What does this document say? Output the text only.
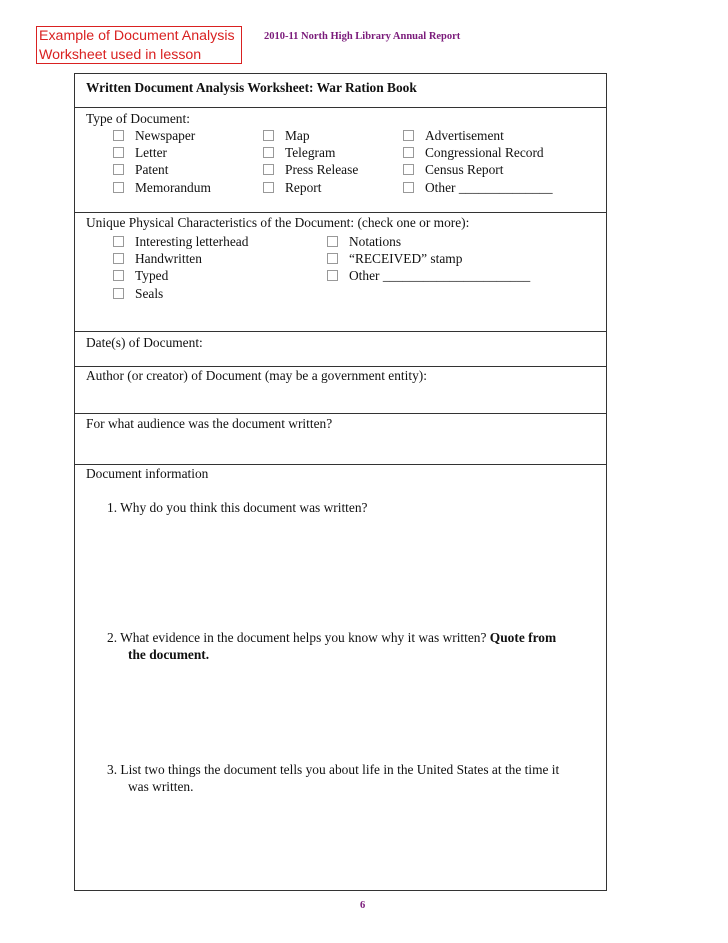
Example of Document Analysis
Worksheet used in lesson
2010-11 North High Library Annual Report
Written Document Analysis Worksheet: War Ration Book
Type of Document:
Newspaper
Letter
Patent
Memorandum
Map
Telegram
Press Release
Report
Advertisement
Congressional Record
Census Report
Other ______________
Unique Physical Characteristics of the Document: (check one or more):
Interesting letterhead
Handwritten
Typed
Seals
Notations
“RECEIVED” stamp
Other ______________________
Date(s) of Document:
Author (or creator) of Document (may be a government entity):
For what audience was the document written?
Document information
1. Why do you think this document was written?
2. What evidence in the document helps you know why it was written? Quote from
the document.
3. List two things the document tells you about life in the United States at the time it
was written.
6
